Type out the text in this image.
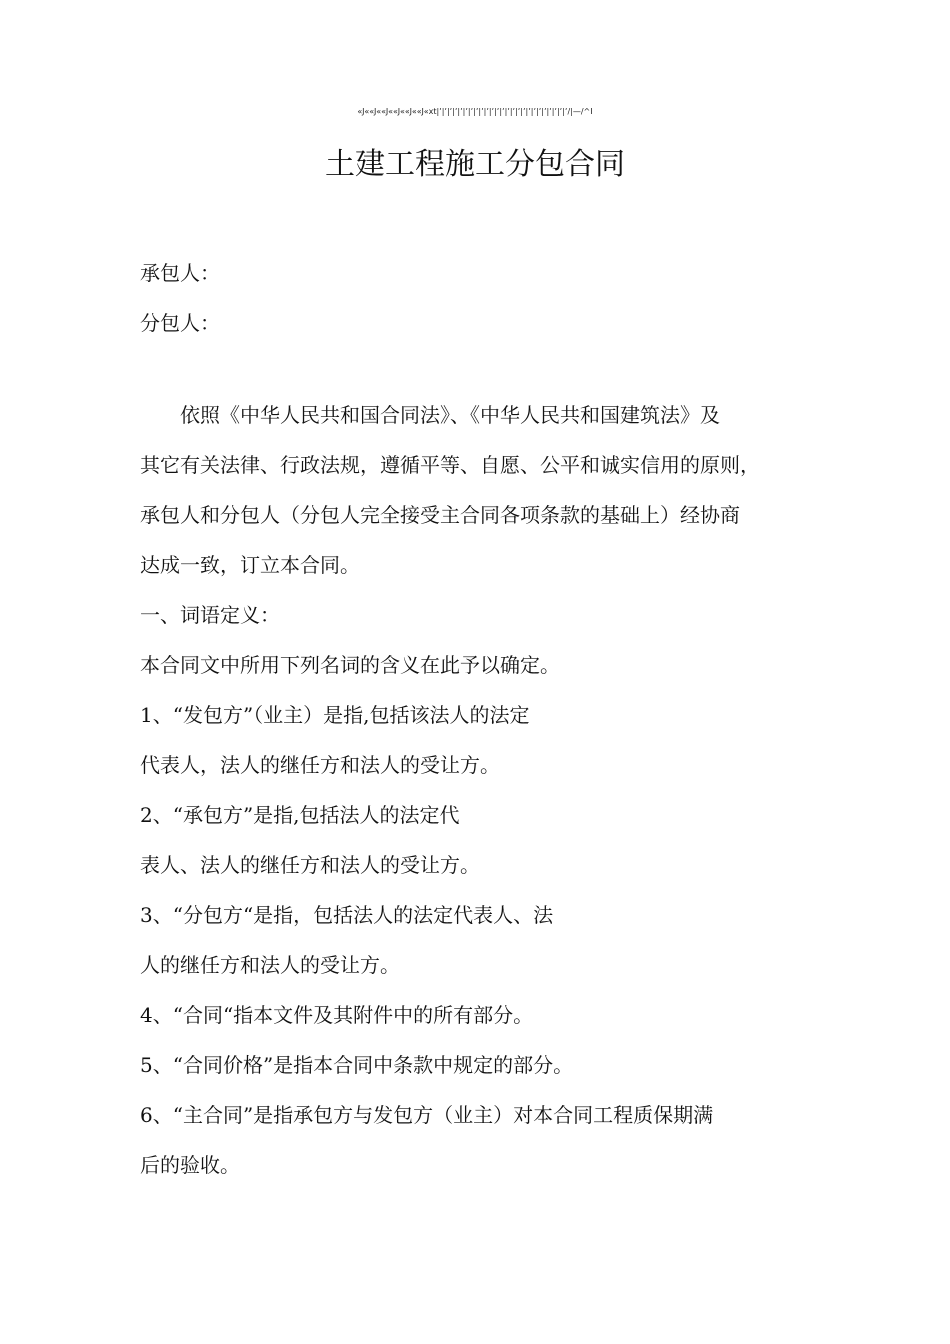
«J««J««J««J««J««J«xt|ʼ|ʼ|ʼ|ʼ|ʼ|ʼ|ʼ|ʼ|ʼ|ʼ|ʼ|ʼ|ʼ|ʼ|ʼ|ʼ|ʼ|ʼ|ʼ|ʼ|ʼ|ʼ|ʼ|ʼ|ʼ/|—/^I
土建工程施工分包合同
承包人：
分包人：
　　依照《中华人民共和国合同法》、《中华人民共和国建筑法》及
其它有关法律、行政法规，遵循平等、自愿、公平和诚实信用的原则，
承包人和分包人（分包人完全接受主合同各项条款的基础上）经协商
达成一致，订立本合同。
一、词语定义：
本合同文中所用下列名词的含义在此予以确定。
1、“发包方”（业主）是指,包括该法人的法定
代表人，法人的继任方和法人的受让方。
2、“承包方”是指,包括法人的法定代
表人、法人的继任方和法人的受让方。
3、“分包方“是指，包括法人的法定代表人、法
人的继任方和法人的受让方。
4、“合同“指本文件及其附件中的所有部分。
5、“合同价格”是指本合同中条款中规定的部分。
6、“主合同”是指承包方与发包方（业主）对本合同工程质保期满
后的验收。
